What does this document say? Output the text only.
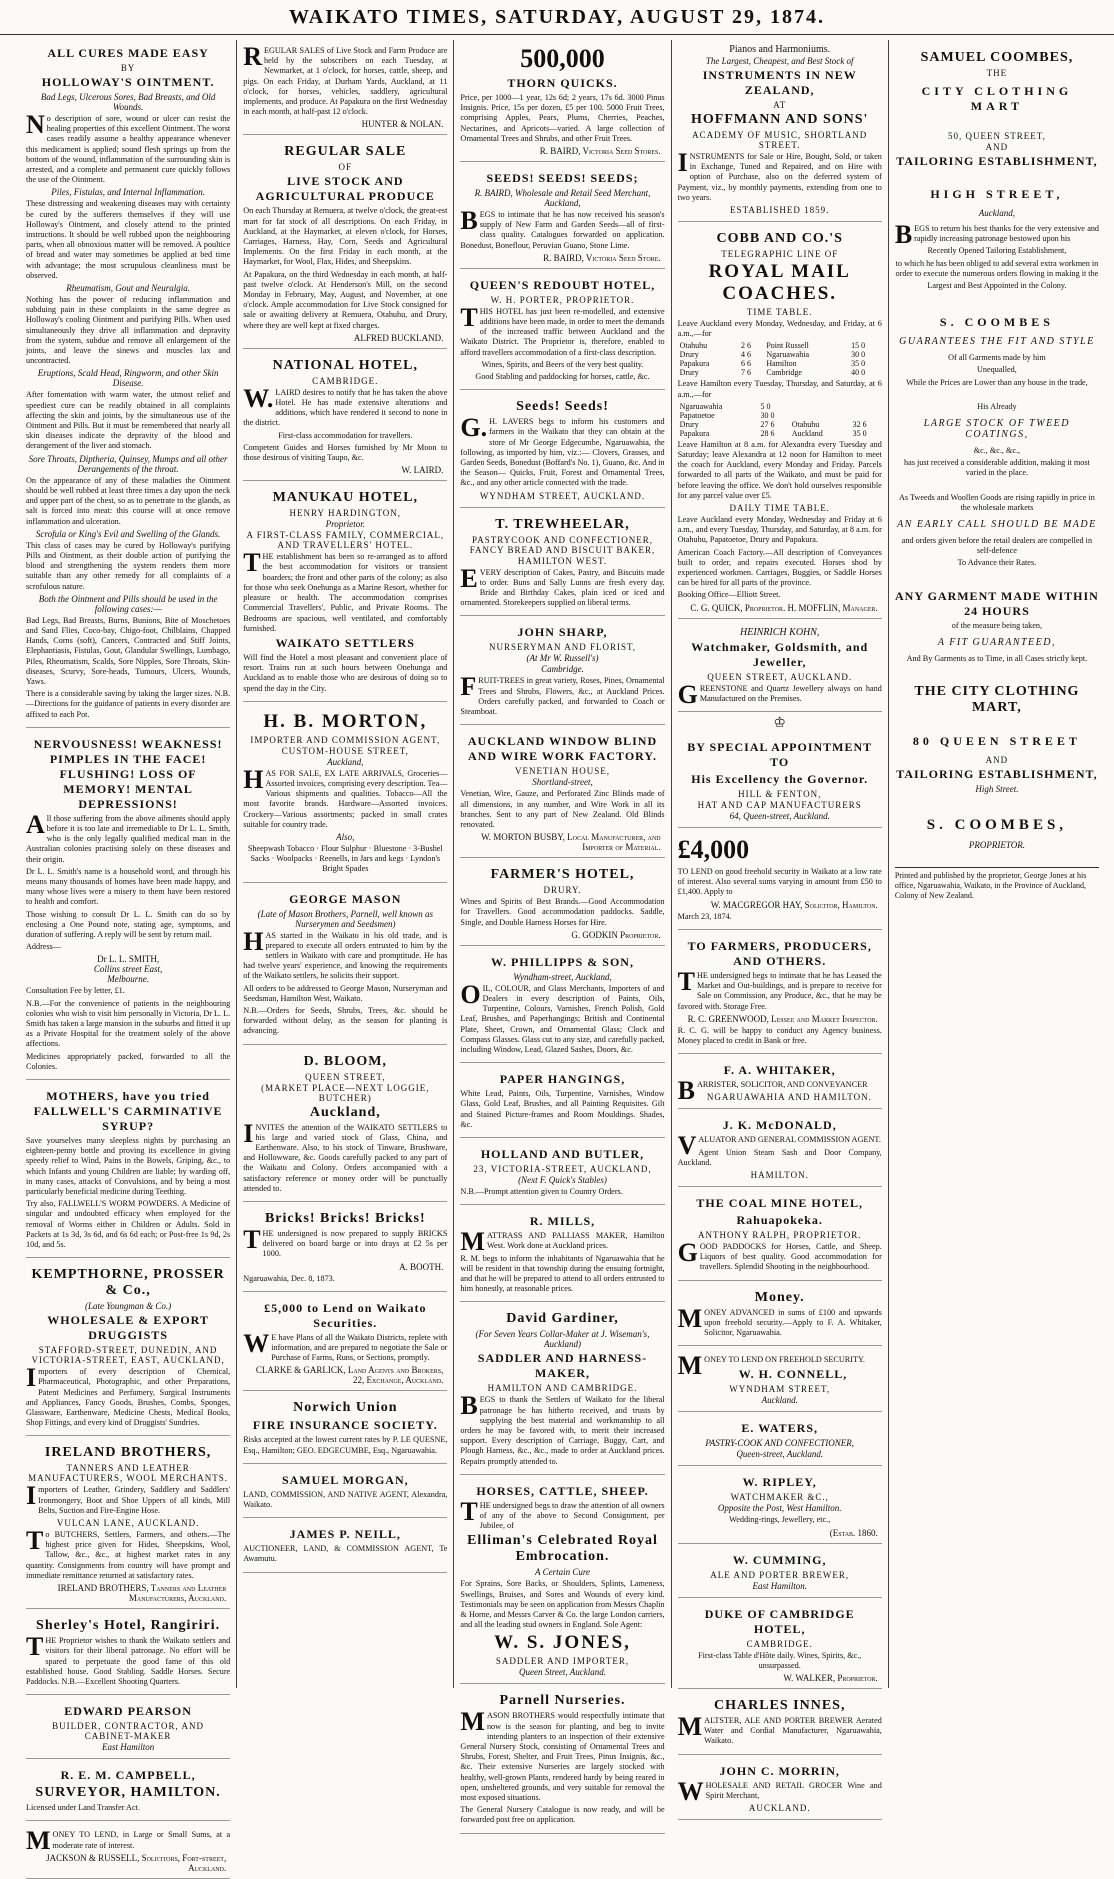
WAIKATO TIMES, SATURDAY, AUGUST 29, 1874.
ALL CURES MADE EASY
BY
HOLLOWAY'S OINTMENT.
Bad Legs, Ulcerous Sores, Bad Breasts, and Old Wounds.

No description of sore, wound or ulcer can resist the healing properties of this excellent Ointment. The worst cases readily assume a healthy appearance whenever this medicament is applied; sound flesh springs up from the bottom of the wound, inflammation of the surrounding skin is arrested, and a complete and permanent cure quickly follows the use of the Ointment.

Piles, Fistulas, and Internal Inflammation.

These distressing and weakening diseases may with certainty be cured by the sufferers themselves if they will use Holloway's Ointment, and closely attend to the printed instructions. It should be well rubbed upon the neighbouring parts, when all obnoxious matter will be removed. A poultice of bread and water may sometimes be applied at bed time with advantage; the most scrupulous cleanliness must be observed.

Rheumatism, Gout and Neuralgia.

Nothing has the power of reducing inflammation and subduing pain in these complaints in the same degree as Holloway's cooling Ointment and purifying Pills. When used simultaneously they drive all inflammation and depravity from the system, subdue and remove all enlargement of the joints, and leave the sinews and muscles lax and uncontracted.

Eruptions, Scald Head, Ringworm, and other Skin Disease.

After fomentation with warm water, the utmost relief and speediest cure can be readily obtained in all complaints affecting the skin and joints, by the simultaneous use of the Ointment and Pills. But it must be remembered that nearly all skin diseases indicate the depravity of the blood and derangement of the liver and stomach.

Sore Throats, Diptheria, Quinsey, Mumps and all other Derangements of the throat.

On the appearance of any of these maladies the Ointment should be well rubbed at least three times a day upon the neck and upper part of the chest, so as to penetrate to the glands, as salt is forced into meat: this course will at once remove inflammation and ulceration.

Scrofula or King's Evil and Swelling of the Glands.

This class of cases may be cured by Holloway's purifying Pills and Ointment, as their double action of purifying the blood and strengthening the system renders them more suitable than any other remedy for all complaints of a scrofulous nature.

Both the Ointment and Pills should be used in the following cases:—

Bad Legs, Bad Breasts, Burns, Bunions, Bite of Moschetoes and Sand Flies, Coco-bay, Chigo-foot, Chilblains, Chapped Hands, Corns (soft), Cancers, Contracted and Stiff Joints, Elephantiasis, Fistulas, Gout, Glandular Swellings, Lumbago, Piles, Rheumatism, Scalds, Sore Nipples, Sore Throats, Skin-diseases, Scurvy, Sore-heads, Tumours, Ulcers, Wounds, Yaws.

There is a considerable saving by taking the larger sizes. N.B.—Directions for the guidance of patients in every disorder are affixed to each Pot.

NERVOUSNESS! WEAKNESS! PIMPLES IN THE FACE! FLUSHING! LOSS OF MEMORY! MENTAL DEPRESSIONS!

All those suffering from the above ailments should apply before it is too late and irremediable to Dr L. L. Smith, who is the only legally qualified medical man in the Australian colonies practising solely on these diseases and their origin.

Dr L. L. Smith's name is a household word, and through his means many thousands of homes have been made happy, and many whose lives were a misery to them have been restored to health and comfort.

Those wishing to consult Dr L. L. Smith can do so by enclosing a One Pound note, stating age, symptoms, and duration of suffering. A reply will be sent by return mail.

Address—

Dr L. L. SMITH,
Collins street East,
Melbourne.

Consultation Fee by letter, £1.

N.B.—For the convenience of patients in the neighbouring colonies who wish to visit him personally in Victoria, Dr L. L. Smith has taken a large mansion in the suburbs and fitted it up as a Private Hospital for the treatment solely of the above affections.

Medicines appropriately packed, forwarded to all the Colonies.

MOTHERS, have you tried FALLWELL'S CARMINATIVE SYRUP?

Save yourselves many sleepless nights by purchasing an eighteen-penny bottle and proving its excellence in giving speedy relief to Wind, Pains in the Bowels, Griping, &c., to which Infants and young Children are liable; by warding off, in many cases, attacks of Convulsions, and by being a most particularly beneficial medicine during Teething.

Try also, FALLWELL'S WORM POWDERS. A Medicine of singular and undoubted efficacy when employed for the removal of Worms either in Children or Adults. Sold in Packets at 1s 3d, 3s 6d, and 6s 6d each; or Post-free 1s 9d, 2s 10d, and 5s.

KEMPTHORNE, PROSSER & Co.,
(Late Youngman & Co.)
WHOLESALE & EXPORT DRUGGISTS
STAFFORD-STREET, DUNEDIN, AND VICTORIA-STREET, EAST, AUCKLAND,

Importers of every description of Chemical, Pharmaceutical, Photographic, and other Preparations, Patent Medicines and Perfumery, Surgical Instruments and Appliances, Fancy Goods, Brushes, Combs, Sponges, Glassware, Earthenware, Medicine Chests, Medical Books, Shop Fittings, and every kind of Druggists' Sundries.

IRELAND BROTHERS,
TANNERS AND LEATHER MANUFACTURERS, WOOL MERCHANTS.

Importers of Leather, Grindery, Saddlery and Saddlers' Ironmongery, Boot and Shoe Uppers of all kinds, Mill Belts, Suction and Fire-Engine Hose.

VULCAN LANE, AUCKLAND.

To BUTCHERS, Settlers, Farmers, and others.—The highest price given for Hides, Sheepskins, Wool, Tallow, &c., &c., at highest market rates in any quantity. Consignments from country will have prompt and immediate remittance returned at satisfactory rates.

IRELAND BROTHERS, Tanners and Leather Manufacturers, Auckland.
Sherley's Hotel, Rangiriri.

THE Proprietor wishes to thank the Waikato settlers and visitors for their liberal patronage. No effort will be spared to perpetuate the good fame of this old established house. Good Stabling. Saddle Horses. Secure Paddocks. N.B.—Excellent Shooting Quarters.

EDWARD PEARSON
BUILDER, CONTRACTOR, AND CABINET-MAKER
East Hamilton
R. E. M. CAMPBELL,
SURVEYOR, HAMILTON.

Licensed under Land Transfer Act.

MONEY TO LEND, in Large or Small Sums, at a moderate rate of interest.

JACKSON & RUSSELL, Solicitors, Fort-street, Auckland.

REGULAR SALES of Live Stock and Farm Produce are held by the subscribers on each Tuesday, at Newmarket, at 1 o'clock, for horses, cattle, sheep, and pigs. On each Friday, at Durham Yards, Auckland, at 11 o'clock, for horses, vehicles, saddlery, agricultural implements, and produce. At Papakura on the first Wednesday in each month, at half-past 12 o'clock.

HUNTER & NOLAN.
REGULAR SALE
OF
LIVE STOCK AND AGRICULTURAL PRODUCE

On each Thursday at Remuera, at twelve o'clock, the great-est mart for fat stock of all descriptions. On each Friday, in Auckland, at the Haymarket, at eleven o'clock, for Horses, Carriages, Harness, Hay, Corn, Seeds and Agricultural Implements. On the first Friday in each month, at the Haymarket, for Wool, Flax, Hides, and Sheepskins.

At Papakura, on the third Wednesday in each month, at half-past twelve o'clock. At Henderson's Mill, on the second Monday in February, May, August, and November, at one o'clock. Ample accommodation for Live Stock consigned for sale or awaiting delivery at Remuera, Otahuhu, and Drury, where they are well kept at fixed charges.

ALFRED BUCKLAND.
NATIONAL HOTEL,
CAMBRIDGE.

W.LAIRD desires to notify that he has taken the above Hotel. He has made extensive alterations and additions, which have rendered it second to none in the district.

First-class accommodation for travellers.

Competent Guides and Horses furnished by Mr Moon to those desirous of visiting Taupo, &c.

W. LAIRD.
MANUKAU HOTEL,
HENRY HARDINGTON,
Proprietor.
A FIRST-CLASS FAMILY, COMMERCIAL, AND TRAVELLERS' HOTEL.

THE establishment has been so re-arranged as to afford the best accommodation for visitors or transient boarders; the front and other parts of the colony; as also for those who seek Onehunga as a Marine Resort, whether for pleasure or health. The accommodation comprises Commercial Travellers', Public, and Private Rooms. The Bedrooms are spacious, well ventilated, and comfortably furnished.

WAIKATO SETTLERS

Will find the Hotel a most pleasant and convenient place of resort. Trains run at such hours between Onehunga and Auckland as to enable those who are desirous of doing so to spend the day in the City.

H. B. MORTON,
IMPORTER AND COMMISSION AGENT,
CUSTOM-HOUSE STREET,
Auckland,

HAS FOR SALE, EX LATE ARRIVALS, Groceries—Assorted invoices, comprising every description. Tea—Various shipments and qualities. Tobacco—All the most favorite brands. Hardware—Assorted invoices. Crockery—Various assortments; packed in small crates suitable for country trade.

Also,

Sheepwash Tobacco · Flour Sulphur · Bluestone · 3-Bushel Sacks · Woolpacks · Reenells, in Jars and kegs · Lyndon's Bright Spades

GEORGE MASON
(Late of Mason Brothers, Parnell, well known as Nurserymen and Seedsmen)

HAS started in the Waikato in his old trade, and is prepared to execute all orders entrusted to him by the settlers in Waikato with care and promptitude. He has had twelve years' experience, and knowing the requirements of the Waikato settlers, he solicits their support.

All orders to be addressed to George Mason, Nurseryman and Seedsman, Hamilton West, Waikato.

N.B.—Orders for Seeds, Shrubs, Trees, &c. should be forwarded without delay, as the season for planting is advancing.

D. BLOOM,
QUEEN STREET,
(MARKET PLACE—NEXT LOGGIE, BUTCHER)
Auckland,

INVITES the attention of the WAIKATO SETTLERS to his large and varied stock of Glass, China, and Earthenware. Also, to his stock of Tinware, Brushware, and Hollowware, &c. Goods carefully packed to any part of the Waikato and Colony. Orders accompanied with a satisfactory reference or money order will be punctually attended to.

Bricks! Bricks! Bricks!

THE undersigned is now prepared to supply BRICKS delivered on board barge or into drays at £2 5s per 1000.

A. BOOTH.

Ngaruawahia, Dec. 8, 1873.

£5,000 to Lend on Waikato Securities.

WE have Plans of all the Waikato Districts, replete with information, and are prepared to negotiate the Sale or Purchase of Farms, Runs, or Sections, promptly.

CLARKE & GARLICK, Land Agents and Brokers, 22, Exchange, Auckland.
Norwich Union
FIRE INSURANCE SOCIETY.

Risks accepted at the lowest current rates by P. LE QUESNE, Esq., Hamilton; GEO. EDGECUMBE, Esq., Ngaruawahia.

SAMUEL MORGAN,

LAND, COMMISSION, AND NATIVE AGENT, Alexandra, Waikato.

JAMES P. NEILL,

AUCTIONEER, LAND, & COMMISSION AGENT, Te Awamutu.

500,000
THORN QUICKS.

Price, per 1000—1 year, 12s 6d; 2 years, 17s 6d. 3000 Pinus Insignis. Price, 15s per dozen, £5 per 100. 5000 Fruit Trees, comprising Apples, Pears, Plums, Cherries, Peaches, Nectarines, and Apricots—varied. A large collection of Ornamental Trees and Shrubs, and other Fruit Trees.

R. BAIRD, Victoria Seed Stores.
SEEDS! SEEDS! SEEDS;
R. BAIRD, Wholesale and Retail Seed Merchant, Auckland,

BEGS to intimate that he has now received his season's supply of New Farm and Garden Seeds—all of first-class quality. Catalogues forwarded on application. Bonedust, Boneflour, Peruvian Guano, Stone Lime.

R. BAIRD, Victoria Seed Store.
QUEEN'S REDOUBT HOTEL,
W. H. PORTER, PROPRIETOR.

THIS HOTEL has just been re-modelled, and extensive additions have been made, in order to meet the demands of the increased traffic between Auckland and the Waikato District. The Proprietor is, therefore, enabled to afford travellers accommodation of a first-class description.

Wines, Spirits, and Beers of the very best quality.

Good Stabling and paddocking for horses, cattle, &c.

Seeds! Seeds!

G.H. LAVERS begs to inform his customers and farmers in the Waikato that they can obtain at the store of Mr George Edgecumbe, Ngaruawahia, the following, as imported by him, viz.:— Clovers, Grasses, and Garden Seeds, Bonedust (Boffard's No. 1), Guano, &c. And in the Season— Quicks, Fruit, Forest and Ornamental Trees, &c., and any other article connected with the trade.

WYNDHAM STREET, AUCKLAND.
T. TREWHEELAR,
PASTRYCOOK AND CONFECTIONER, FANCY BREAD AND BISCUIT BAKER,
HAMILTON WEST.

EVERY description of Cakes, Pastry, and Biscuits made to order. Buns and Sally Lunns are fresh every day. Bride and Birthday Cakes, plain iced or iced and ornamented. Storekeepers supplied on liberal terms.

JOHN SHARP,
NURSERYMAN AND FLORIST,
(At Mr W. Russell's)
Cambridge.

FRUIT-TREES in great variety, Roses, Pines, Ornamental Trees and Shrubs, Flowers, &c., at Auckland Prices. Orders carefully packed, and forwarded to Coach or Steamboat.

AUCKLAND WINDOW BLIND AND WIRE WORK FACTORY.
VENETIAN HOUSE,
Shortland-street,

Venetian, Wire, Gauze, and Perforated Zinc Blinds made of all dimensions, in any number, and Wire Work in all its branches. Sent to any part of New Zealand. Old Blinds renovated.

W. MORTON BUSBY, Local Manufacturer, and Importer of Material.
FARMER'S HOTEL,
DRURY.

Wines and Spirits of Best Brands.—Good Accommodation for Travellers. Good accommodation paddocks. Saddle, Single, and Double Harness Horses for Hire.

G. GODKIN Proprietor.
W. PHILLIPPS & SON,
Wyndham-street, Auckland,

OIL, COLOUR, and Glass Merchants, Importers of and Dealers in every description of Paints, Oils, Turpentine, Colours, Varnishes, French Polish, Gold Leaf, Brushes, and Paperhangings; British and Continental Plate, Sheet, Crown, and Ornamental Glass; Clock and Compass Glasses. Glass cut to any size, and carefully packed, including Window, Lead, Glazed Sashes, Doors, &c.

PAPER HANGINGS,

White Lead, Paints, Oils, Turpentine, Varnishes, Window Glass, Gold Leaf, Brushes, and all Painting Requisites. Gilt and Stained Picture-frames and Room Mouldings. Shades, &c.

HOLLAND AND BUTLER,
23, VICTORIA-STREET, AUCKLAND,
(Next F. Quick's Stables)

N.B.—Prompt attention given to Country Orders.

R. MILLS,

MATTRASS AND PALLIASS MAKER, Hamilton West. Work done at Auckland prices.

R. M. begs to inform the inhabitants of Ngaruawahia that he will be resident in that township during the ensuing fortnight, and that he will be prepared to attend to all orders entrusted to him honestly, at reasonable prices.

David Gardiner,
(For Seven Years Collar-Maker at J. Wiseman's, Auckland)
SADDLER AND HARNESS-MAKER,
HAMILTON AND CAMBRIDGE.

BEGS to thank the Settlers of Waikato for the liberal patronage he has hitherto received, and trusts by supplying the best material and workmanship to all orders he may be favored with, to merit their increased support. Every description of Carriage, Buggy, Cart, and Plough Harness, &c., &c., made to order at Auckland prices. Repairs promptly attended to.

HORSES, CATTLE, SHEEP.

THE undersigned begs to draw the attention of all owners of any of the above to Second Consignment, per Jubilee, of

Elliman's Celebrated Royal Embrocation.
A Certain Cure

For Sprains, Sore Backs, or Shoulders, Splints, Lameness, Swellings, Bruises, and Sores and Wounds of every kind. Testimonials may be seen on application from Messrs Chaplin & Horne, and Messrs Carver & Co. the large London carriers, and all the leading stud owners in England. Sole Agent:

W. S. JONES,
SADDLER AND IMPORTER,
Queen Street, Auckland.
Parnell Nurseries.

MASON BROTHERS would respectfully intimate that now is the season for planting, and beg to invite intending planters to an inspection of their extensive General Nursery Stock, consisting of Ornamental Trees and Shrubs, Forest, Shelter, and Fruit Trees, Pinus Insignis, &c., &c. Their extensive Nurseries are largely stocked with healthy, well-grown Plants, rendered hardy by being reared in open, unsheltered grounds, and very suitable for removal the most exposed situations.

The General Nursery Catalogue is now ready, and will be forwarded post free on application.

Pianos and Harmoniums.
The Largest, Cheapest, and Best Stock of
INSTRUMENTS IN NEW ZEALAND,
AT
HOFFMANN AND SONS'
ACADEMY OF MUSIC, SHORTLAND STREET.

INSTRUMENTS for Sale or Hire, Bought, Sold, or taken in Exchange, Tuned and Repaired, and on Hire with option of Purchase, also on the deferred system of Payment, viz., by monthly payments, extending from one to two years.

ESTABLISHED 1859.
COBB AND CO.'S
TELEGRAPHIC LINE OF
ROYAL MAIL COACHES.
TIME TABLE.

Leave Auckland every Monday, Wednesday, and Friday, at 6 a.m.,—for

Otahuhu	2 6	Point Russell	15 0
Drury	4 6	Ngaruawahia	30 0
Papakura	6 6	Hamilton	35 0
Drury	7 6	Cambridge	40 0

Leave Hamilton every Tuesday, Thursday, and Saturday, at 6 a.m.,—for

Ngaruawahia	5 0		
Papatoetoe	30 0		
Drury	27 6	Otahuhu	32 6
Papakura	28 6	Auckland	35 0

Leave Hamilton at 8 a.m. for Alexandra every Tuesday and Saturday; leave Alexandra at 12 noon for Hamilton to meet the coach for Auckland, every Monday and Friday. Parcels forwarded to all parts of the Waikato, and must be paid for before leaving the office. We don't hold ourselves responsible for any parcel value over £5.

DAILY TIME TABLE.

Leave Auckland every Monday, Wednesday and Friday at 6 a.m., and every Tuesday, Thursday, and Saturday, at 8 a.m. for Otahuhu, Papatoetoe, Drury and Papakura.

American Coach Factory.—All description of Conveyances built to order, and repairs executed. Horses shod by experienced workmen. Carriages, Buggies, or Saddle Horses can be hired for all parts of the province.

Booking Office—Elliott Street.

C. G. QUICK, Proprietor. H. MOFFLIN, Manager.
HEINRICH KOHN,
Watchmaker, Goldsmith, and Jeweller,
QUEEN STREET, AUCKLAND.

GREENSTONE and Quartz Jewellery always on hand Manufactured on the Premises.

♔
BY SPECIAL APPOINTMENT TO
His Excellency the Governor.
HILL & FENTON,
HAT AND CAP MANUFACTURERS
64, Queen-street, Auckland.
£4,000

TO LEND on good freehold security in Waikato at a low rate of interest. Also several sums varying in amount from £50 to £1,400. Apply to

W. MACGREGOR HAY, Solicitor, Hamilton.

March 23, 1874.

TO FARMERS, PRODUCERS, AND OTHERS.

THE undersigned begs to intimate that he has Leased the Market and Out-buildings, and is prepare to receive for Sale on Commission, any Produce, &c., that he may be favored with. Storage Free.

R. C. GREENWOOD, Lessee and Market Inspector.

R. C. G. will be happy to conduct any Agency business. Money placed to credit in Bank or free.

F. A. WHITAKER,

BARRISTER, SOLICITOR, AND CONVEYANCER

NGARUAWAHIA AND HAMILTON.
J. K. McDONALD,

VALUATOR AND GENERAL COMMISSION AGENT.

Agent Union Steam Sash and Door Company, Auckland.

HAMILTON.
THE COAL MINE HOTEL,
Rahuapokeka.
ANTHONY RALPH, PROPRIETOR.

GOOD PADDOCKS for Horses, Cattle, and Sheep. Liquors of best quality. Good accommodation for travellers. Splendid Shooting in the neighbourhood.

Money.

MONEY ADVANCED in sums of £100 and upwards upon freehold security.—Apply to F. A. Whitaker, Solicitor, Ngaruawahia.

MONEY TO LEND ON FREEHOLD SECURITY.

W. H. CONNELL,
WYNDHAM STREET,
Auckland.
E. WATERS,
PASTRY-COOK AND CONFECTIONER,
Queen-street, Auckland.
W. RIPLEY,
WATCHMAKER &C.,
Opposite the Post, West Hamilton.

Wedding-rings, Jewellery, etc.,

(Estab. 1860.
W. CUMMING,
ALE AND PORTER BREWER,
East Hamilton.
DUKE OF CAMBRIDGE HOTEL,
CAMBRIDGE.

First-class Table d'Hôte daily. Wines, Spirits, &c., unsurpassed.

W. WALKER, Proprietor.
CHARLES INNES,

MALTSTER, ALE AND PORTER BREWER Aerated Water and Cordial Manufacturer, Ngaruawahia, Waikato.

JOHN C. MORRIN,

WHOLESALE AND RETAIL GROCER Wine and Spirit Merchant,

AUCKLAND.
SAMUEL COOMBES,
THE
CITY CLOTHING MART
50, QUEEN STREET,
AND
TAILORING ESTABLISHMENT,
HIGH STREET,
Auckland,

BEGS to return his best thanks for the very extensive and rapidly increasing patronage bestowed upon his

Recently Opened Tailoring Establishment,

to which he has been obliged to add several extra workmen in order to execute the numerous orders flowing in making it the

Largest and Best Appointed in the Colony.

S. COOMBES
GUARANTEES THE FIT AND STYLE

Of all Garments made by him

Unequalled,

While the Prices are Lower than any house in the trade,

His Already

LARGE STOCK OF TWEED COATINGS,

&c., &c., &c.,

has just received a considerable addition, making it most varied in the place.

As Tweeds and Woollen Goods are rising rapidly in price in the wholesale markets

AN EARLY CALL SHOULD BE MADE

and orders given before the retail dealers are compelled in self-defence

To Advance their Rates.

ANY GARMENT MADE WITHIN 24 HOURS

of the measure being taken,

A FIT GUARANTEED,

And By Garments as to Time, in all Cases strictly kept.

THE CITY CLOTHING MART,
80 QUEEN STREET
AND
TAILORING ESTABLISHMENT,
High Street.
S. COOMBES,
PROPRIETOR.
Printed and published by the proprietor, George Jones at his office, Ngaruawahia, Waikato, in the Province of Auckland, Colony of New Zealand.
